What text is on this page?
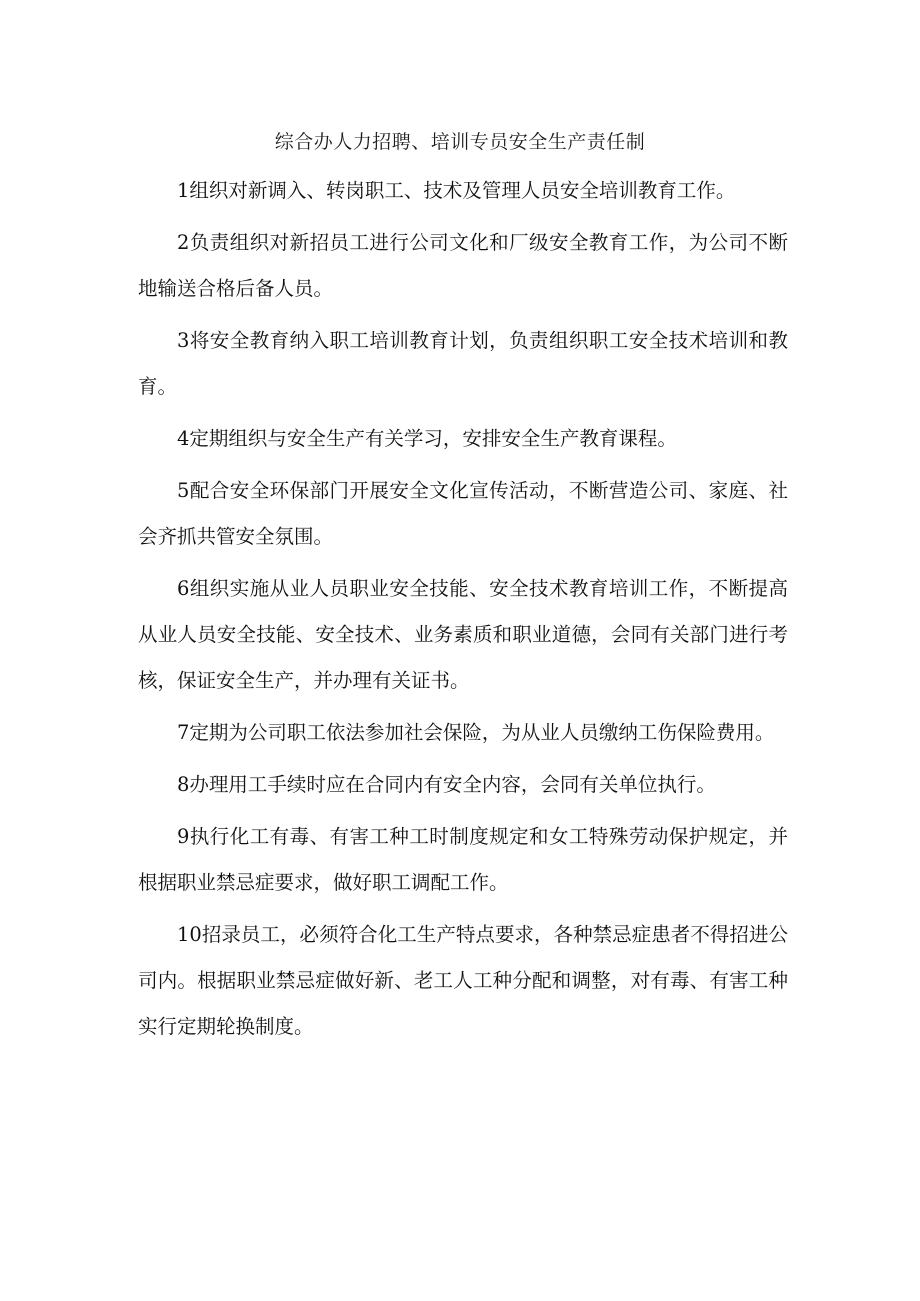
综合办人力招聘、培训专员安全生产责任制

1组织对新调入、转岗职工、技术及管理人员安全培训教育工作。

2负责组织对新招员工进行公司文化和厂级安全教育工作，为公司不断地输送合格后备人员。

3将安全教育纳入职工培训教育计划，负责组织职工安全技术培训和教育。

4定期组织与安全生产有关学习，安排安全生产教育课程。

5配合安全环保部门开展安全文化宣传活动，不断营造公司、家庭、社会齐抓共管安全氛围。

6组织实施从业人员职业安全技能、安全技术教育培训工作，不断提高从业人员安全技能、安全技术、业务素质和职业道德，会同有关部门进行考核，保证安全生产，并办理有关证书。

7定期为公司职工依法参加社会保险，为从业人员缴纳工伤保险费用。

8办理用工手续时应在合同内有安全内容，会同有关单位执行。

9执行化工有毒、有害工种工时制度规定和女工特殊劳动保护规定，并根据职业禁忌症要求，做好职工调配工作。

10招录员工，必须符合化工生产特点要求，各种禁忌症患者不得招进公司内。根据职业禁忌症做好新、老工人工种分配和调整，对有毒、有害工种实行定期轮换制度。
